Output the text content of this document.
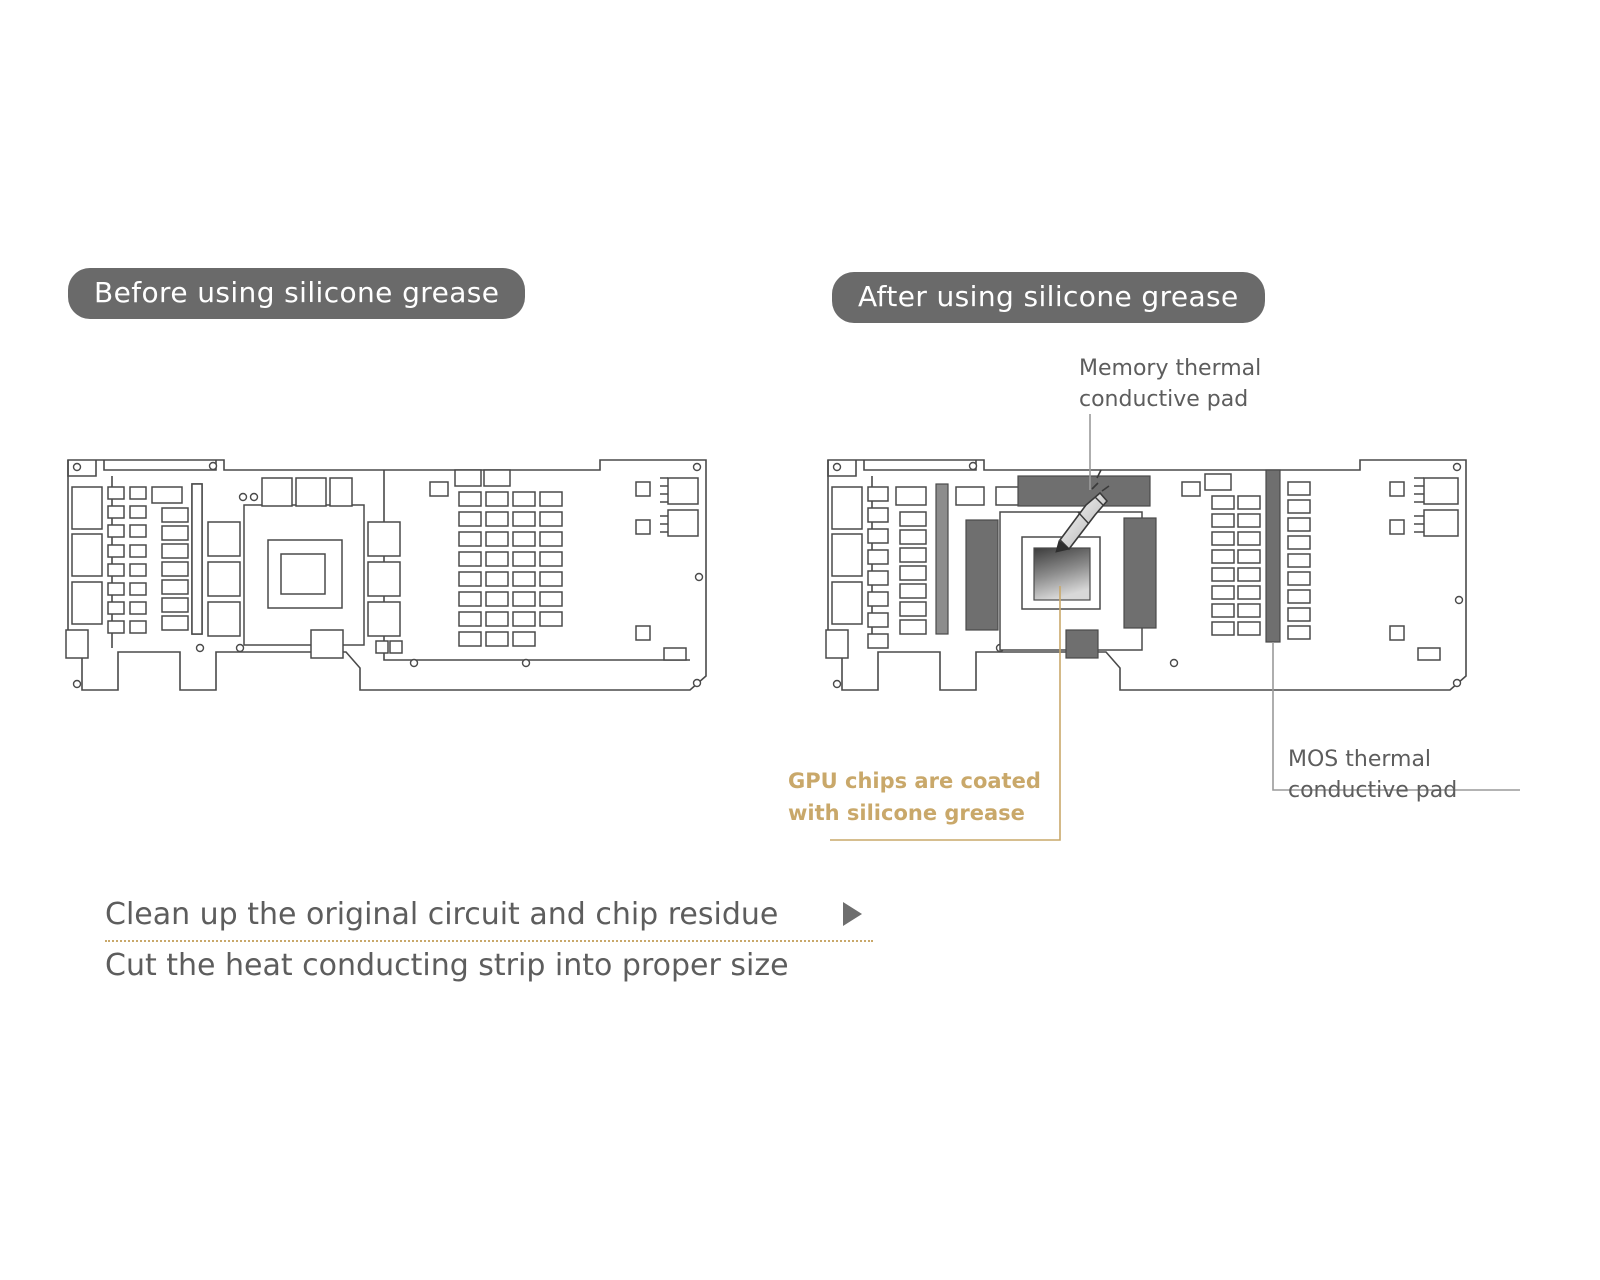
Before using silicone grease	After using silicone grease
Memory thermal
conductive pad
MOS thermal
conductive pad
GPU chips are coated
with silicone grease
Clean up the original circuit and chip residue
Cut the heat conducting strip into proper size
